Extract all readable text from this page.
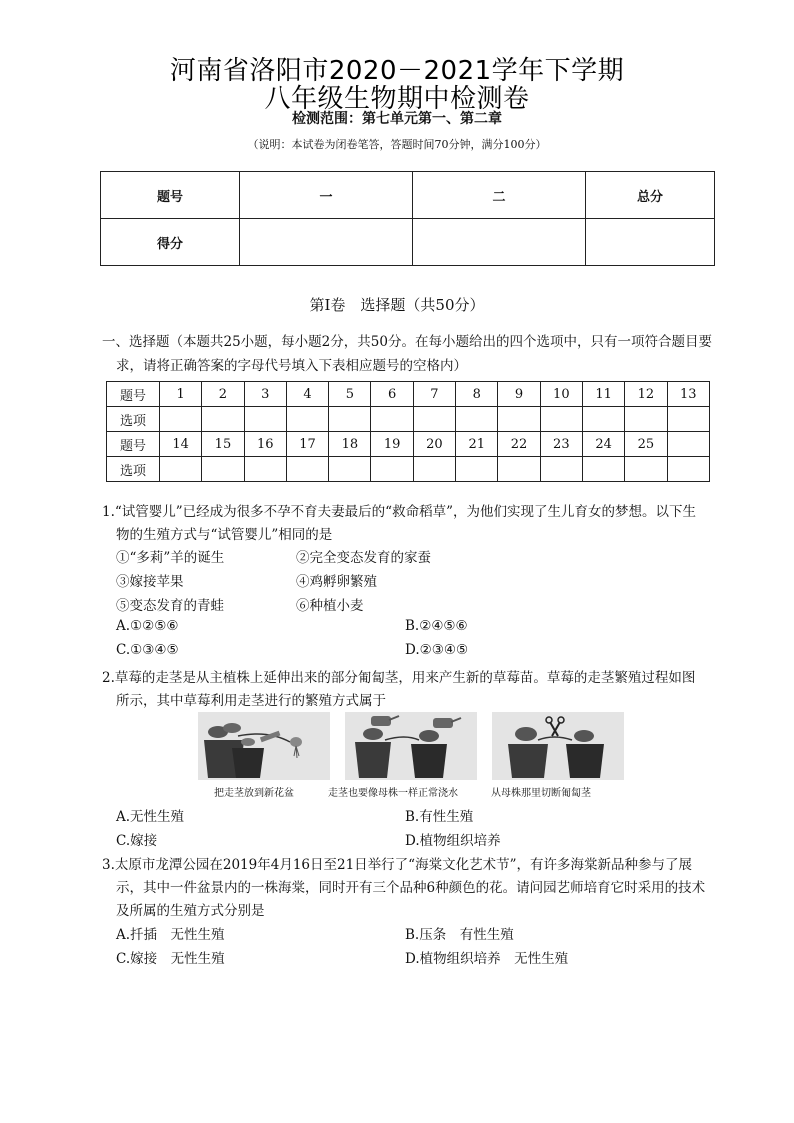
河南省洛阳市2020－2021学年下学期
八年级生物期中检测卷
检测范围：第七单元第一、第二章
（说明：本试卷为闭卷笔答，答题时间70分钟，满分100分）
题号	一	二	总分
得分			
第Ⅰ卷　选择题（共50分）
一、选择题（本题共25小题，每小题2分，共50分。在每小题给出的四个选项中，只有一项符合题目要
求，请将正确答案的字母代号填入下表相应题号的空格内）
题号	1	2	3	4	5	6	7	8	9	10	11	12	13
选项													
题号	14	15	16	17	18	19	20	21	22	23	24	25	
选项													
1.“试管婴儿”已经成为很多不孕不育夫妻最后的“救命稻草”，为他们实现了生儿育女的梦想。以下生
物的生殖方式与“试管婴儿”相同的是
①“多莉”羊的诞生	②完全变态发育的家蚕
③嫁接苹果	④鸡孵卵繁殖
⑤变态发育的青蛙	⑥种植小麦
A.①②⑤⑥	B.②④⑤⑥
C.①③④⑤	D.②③④⑤
2.草莓的走茎是从主植株上延伸出来的部分匍匐茎，用来产生新的草莓苗。草莓的走茎繁殖过程如图
所示，其中草莓利用走茎进行的繁殖方式属于
把走茎放到新花盆	走茎也要像母株一样正常浇水	从母株那里切断匍匐茎
A.无性生殖	B.有性生殖
C.嫁接	D.植物组织培养
3.太原市龙潭公园在2019年4月16日至21日举行了“海棠文化艺术节”，有许多海棠新品种参与了展
示，其中一件盆景内的一株海棠，同时开有三个品种6种颜色的花。请问园艺师培育它时采用的技术
及所属的生殖方式分别是
A.扦插　无性生殖	B.压条　有性生殖
C.嫁接　无性生殖	D.植物组织培养　无性生殖
